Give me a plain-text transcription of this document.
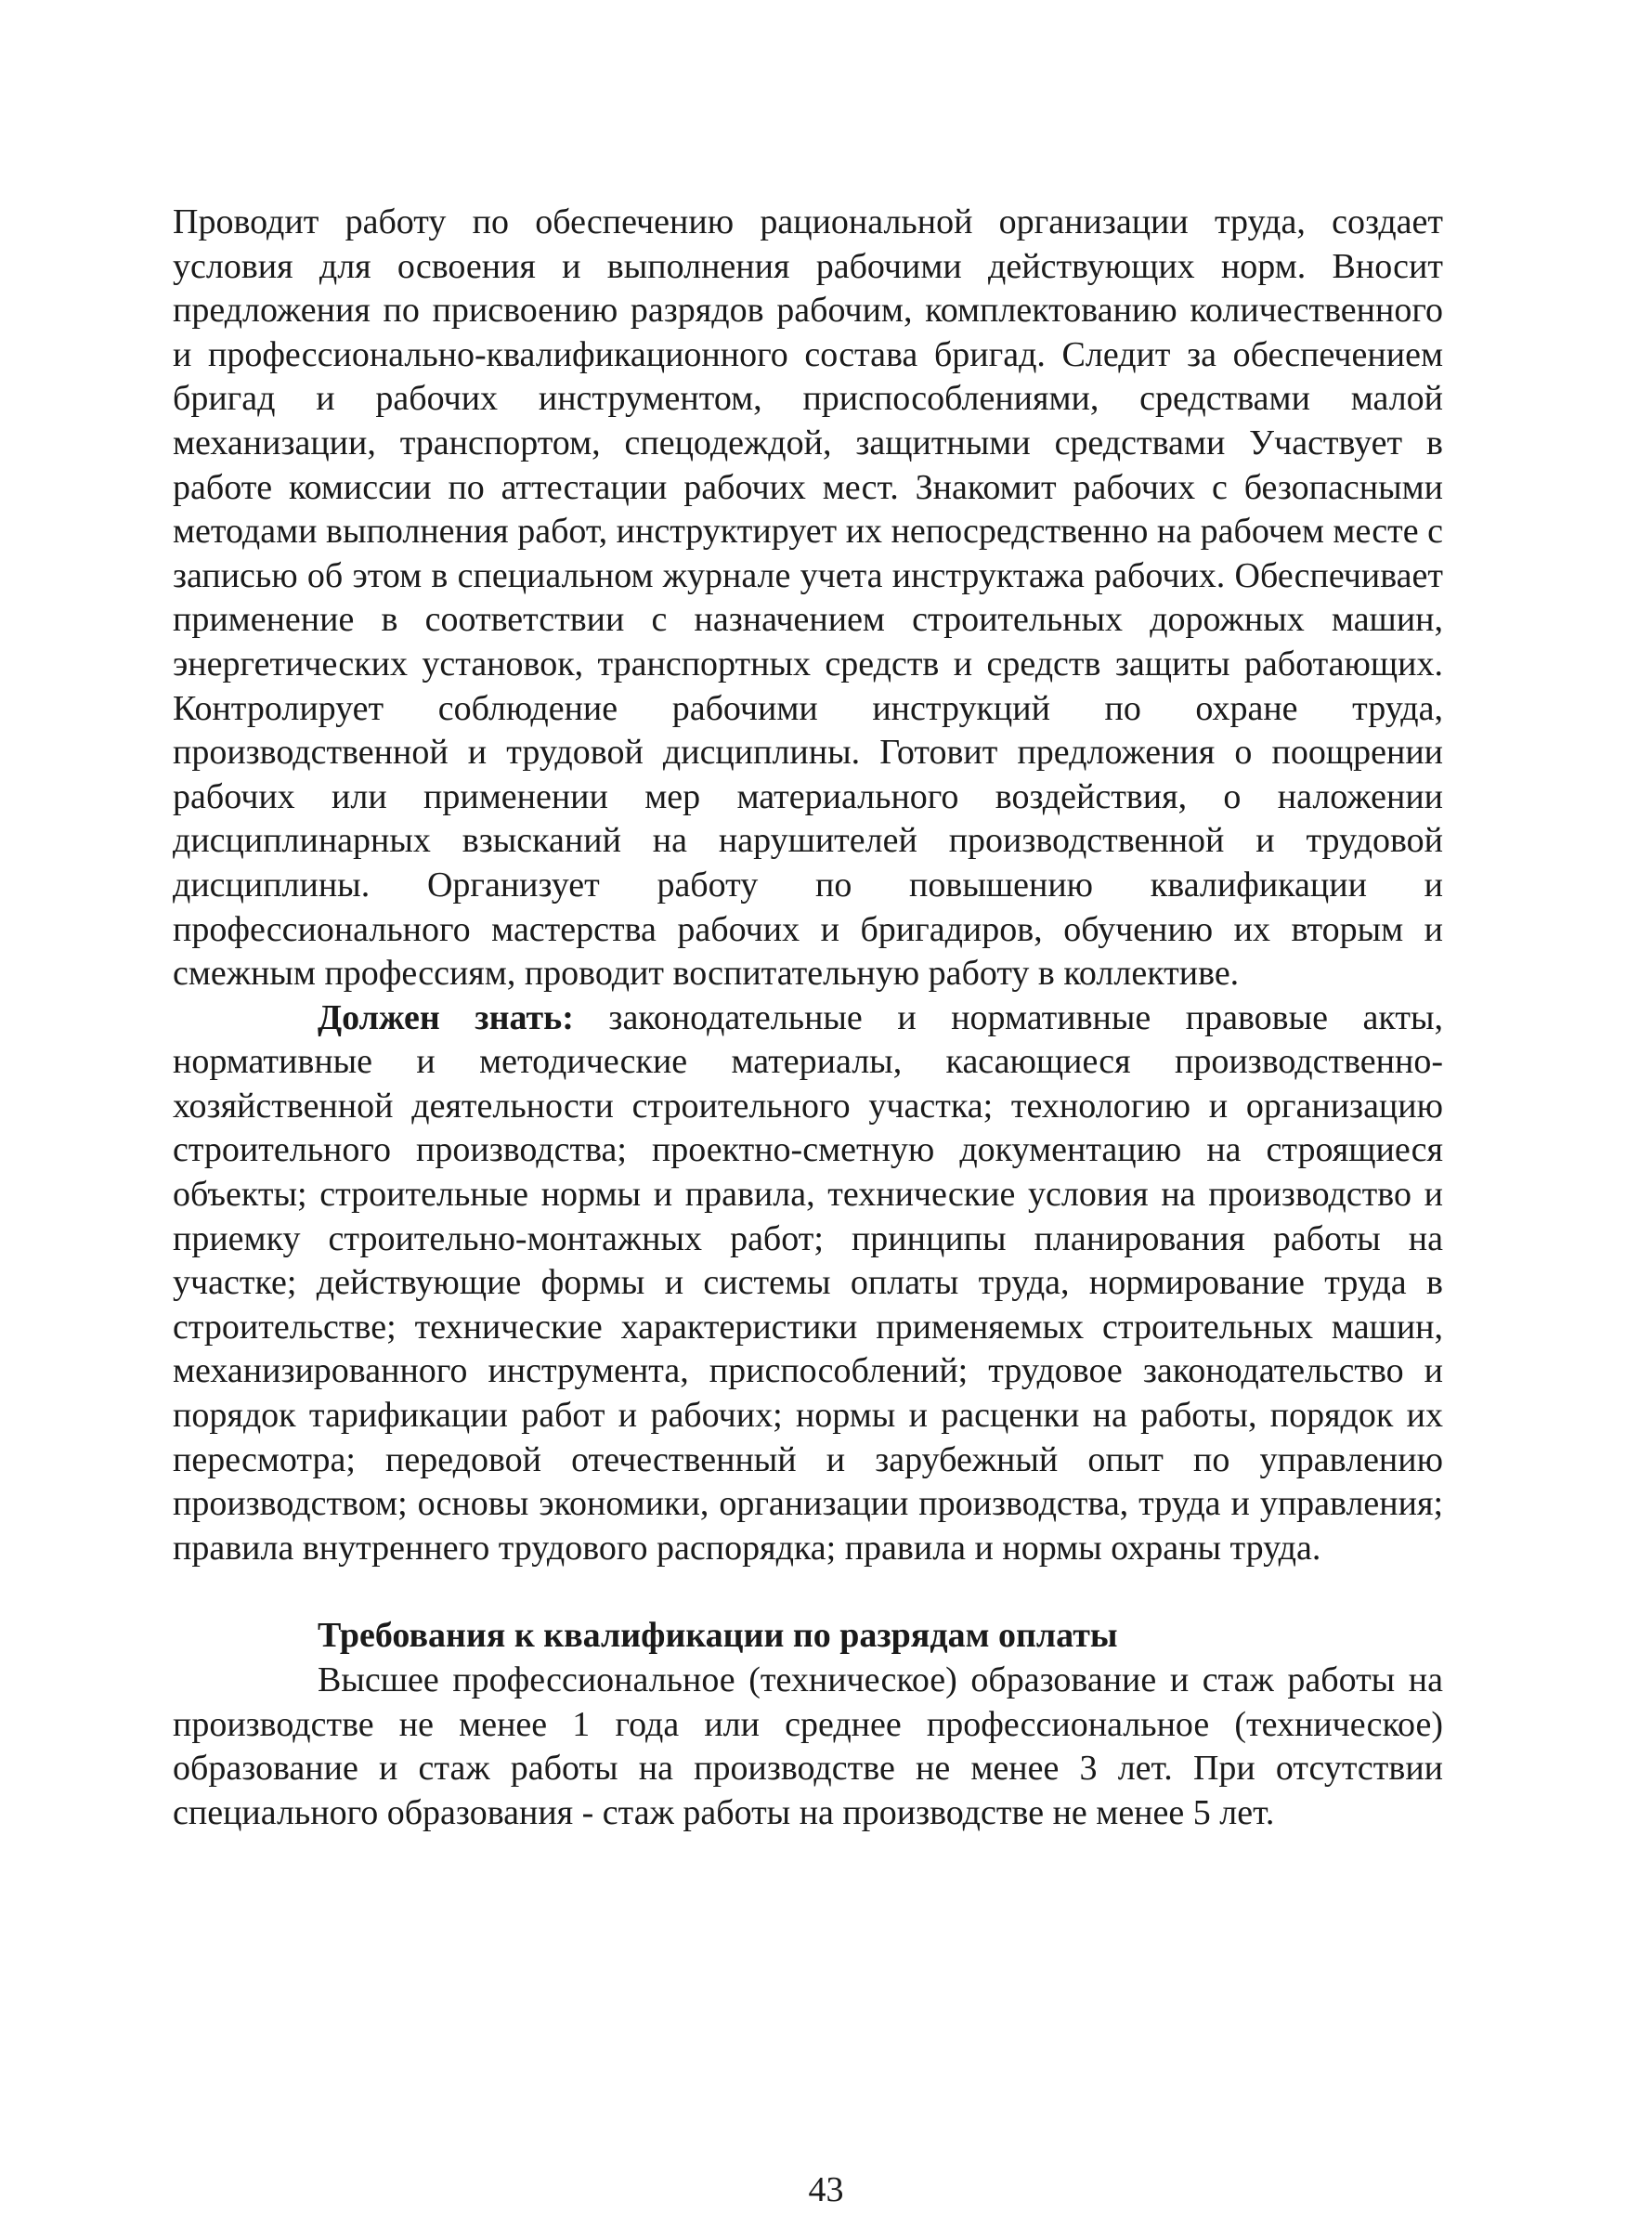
Проводит работу по обеспечению рациональной организации труда, создает условия для освоения и выполнения рабочими действующих норм. Вносит предложения по присвоению разрядов рабочим, комплектованию количественного и профессионально-квалификационного состава бригад. Следит за обеспечением бригад и рабочих инструментом, приспособлениями, средствами малой механизации, транспортом, спецодеждой, защитными средствами Участвует в работе комиссии по аттестации рабочих мест. Знакомит рабочих с безопасными методами выполнения работ, инструктирует их непосредственно на рабочем месте с записью об этом в специальном журнале учета инструктажа рабочих. Обеспечивает применение в соответствии с назначением строительных дорожных машин, энергетических установок, транспортных средств и средств защиты работающих. Контролирует соблюдение рабочими инструкций по охране труда, производственной и трудовой дисциплины. Готовит предложения о поощрении рабочих или применении мер материального воздействия, о наложении дисциплинарных взысканий на нарушителей производственной и трудовой дисциплины. Организует работу по повышению квалификации и профессионального мастерства рабочих и бригадиров, обучению их вторым и смежным профессиям, проводит воспитательную работу в коллективе.

Должен знать: законодательные и нормативные правовые акты, нормативные и методические материалы, касающиеся производственно-хозяйственной деятельности строительного участка; технологию и организацию строительного производства; проектно-сметную документацию на строящиеся объекты; строительные нормы и правила, технические условия на производство и приемку строительно-монтажных работ; принципы планирования работы на участке; действующие формы и системы оплаты труда, нормирование труда в строительстве; технические характеристики применяемых строительных машин, механизированного инструмента, приспособлений; трудовое законодательство и порядок тарификации работ и рабочих; нормы и расценки на работы, порядок их пересмотра; передовой отечественный и зарубежный опыт по управлению производством; основы экономики, организации производства, труда и управления; правила внутреннего трудового распорядка; правила и нормы охраны труда.

Требования к квалификации по разрядам оплаты

Высшее профессиональное (техническое) образование и стаж работы на производстве не менее 1 года или среднее профессиональное (техническое) образование и стаж работы на производстве не менее 3 лет. При отсутствии специального образования - стаж работы на производстве не менее 5 лет.

43
